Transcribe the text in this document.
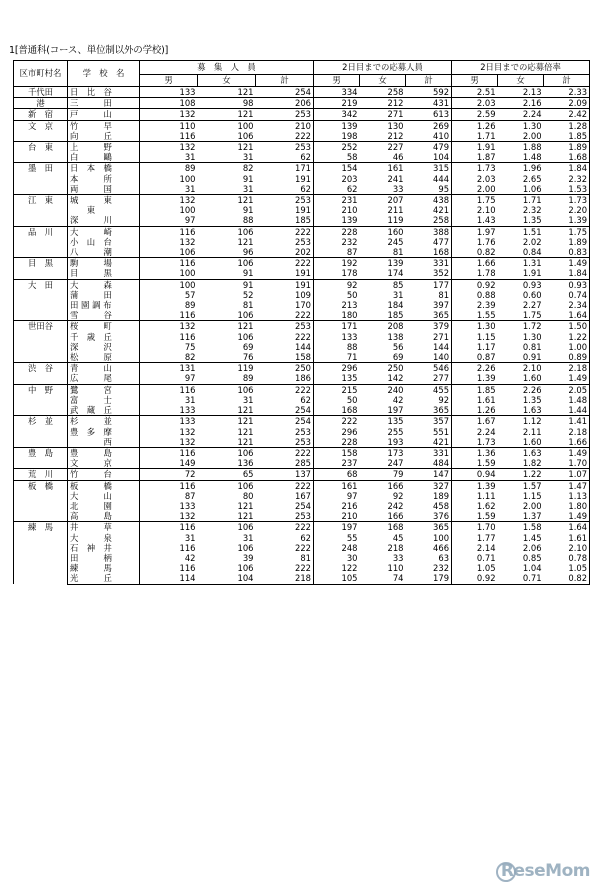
1[普通科(コース、単位制以外の学校)]
区市町村名	学　校　名	募　集　人　員			2日目までの応募人員			2日目までの応募倍率		
		男	女	計	男	女	計	男	女	計
千代田	日　比　谷	133	121	254	334	258	592	2.51	2.13	2.33
港	三　　　田	108	98	206	219	212	431	2.03	2.16	2.09
新　宿	戸　　　山	132	121	253	342	271	613	2.59	2.24	2.42
文　京	竹　　　早	110	100	210	139	130	269	1.26	1.30	1.28
	向　　　丘	116	106	222	198	212	410	1.71	2.00	1.85
台　東	上　　　野	132	121	253	252	227	479	1.91	1.88	1.89
	白　　　鷗	31	31	62	58	46	104	1.87	1.48	1.68
墨　田	日　本　橋	89	82	171	154	161	315	1.73	1.96	1.84
	本　　　所	100	91	191	203	241	444	2.03	2.65	2.32
	両　　　国	31	31	62	62	33	95	2.00	1.06	1.53
江　東	城　　　東	132	121	253	231	207	438	1.75	1.71	1.73
	　　東　　	100	91	191	210	211	421	2.10	2.32	2.20
	深　　　川	97	88	185	139	119	258	1.43	1.35	1.39
品　川	大　　　崎	116	106	222	228	160	388	1.97	1.51	1.75
	小　山　台	132	121	253	232	245	477	1.76	2.02	1.89
	八　　　潮	106	96	202	87	81	168	0.82	0.84	0.83
目　黒	駒　　　場	116	106	222	192	139	331	1.66	1.31	1.49
	目　　　黒	100	91	191	178	174	352	1.78	1.91	1.84
大　田	大　　　森	100	91	191	92	85	177	0.92	0.93	0.93
	蒲　　　田	57	52	109	50	31	81	0.88	0.60	0.74
	田 園 調 布	89	81	170	213	184	397	2.39	2.27	2.34
	雪　　　谷	116	106	222	180	185	365	1.55	1.75	1.64
世田谷	桜　　　町	132	121	253	171	208	379	1.30	1.72	1.50
	千　歳　丘	116	106	222	133	138	271	1.15	1.30	1.22
	深　　　沢	75	69	144	88	56	144	1.17	0.81	1.00
	松　　　原	82	76	158	71	69	140	0.87	0.91	0.89
渋　谷	青　　　山	131	119	250	296	250	546	2.26	2.10	2.18
	広　　　尾	97	89	186	135	142	277	1.39	1.60	1.49
中　野	鷺　　　宮	116	106	222	215	240	455	1.85	2.26	2.05
	富　　　士	31	31	62	50	42	92	1.61	1.35	1.48
	武　蔵　丘	133	121	254	168	197	365	1.26	1.63	1.44
杉　並	杉　　　並	133	121	254	222	135	357	1.67	1.12	1.41
	豊　多　摩	132	121	253	296	255	551	2.24	2.11	2.18
	　　　　西	132	121	253	228	193	421	1.73	1.60	1.66
豊　島	豊　　　島	116	106	222	158	173	331	1.36	1.63	1.49
	文　　　京	149	136	285	237	247	484	1.59	1.82	1.70
荒　川	竹　　　台	72	65	137	68	79	147	0.94	1.22	1.07
板　橋	板　　　橋	116	106	222	161	166	327	1.39	1.57	1.47
	大　　　山	87	80	167	97	92	189	1.11	1.15	1.13
	北　　　園	133	121	254	216	242	458	1.62	2.00	1.80
	高　　　島	132	121	253	210	166	376	1.59	1.37	1.49
練　馬	井　　　草	116	106	222	197	168	365	1.70	1.58	1.64
	大　　　泉	31	31	62	55	45	100	1.77	1.45	1.61
	石　神　井	116	106	222	248	218	466	2.14	2.06	2.10
	田　　　柄	42	39	81	30	33	63	0.71	0.85	0.78
	練　　　馬	116	106	222	122	110	232	1.05	1.04	1.05
	光　　　丘	114	104	218	105	74	179	0.92	0.71	0.82
ReseMom
